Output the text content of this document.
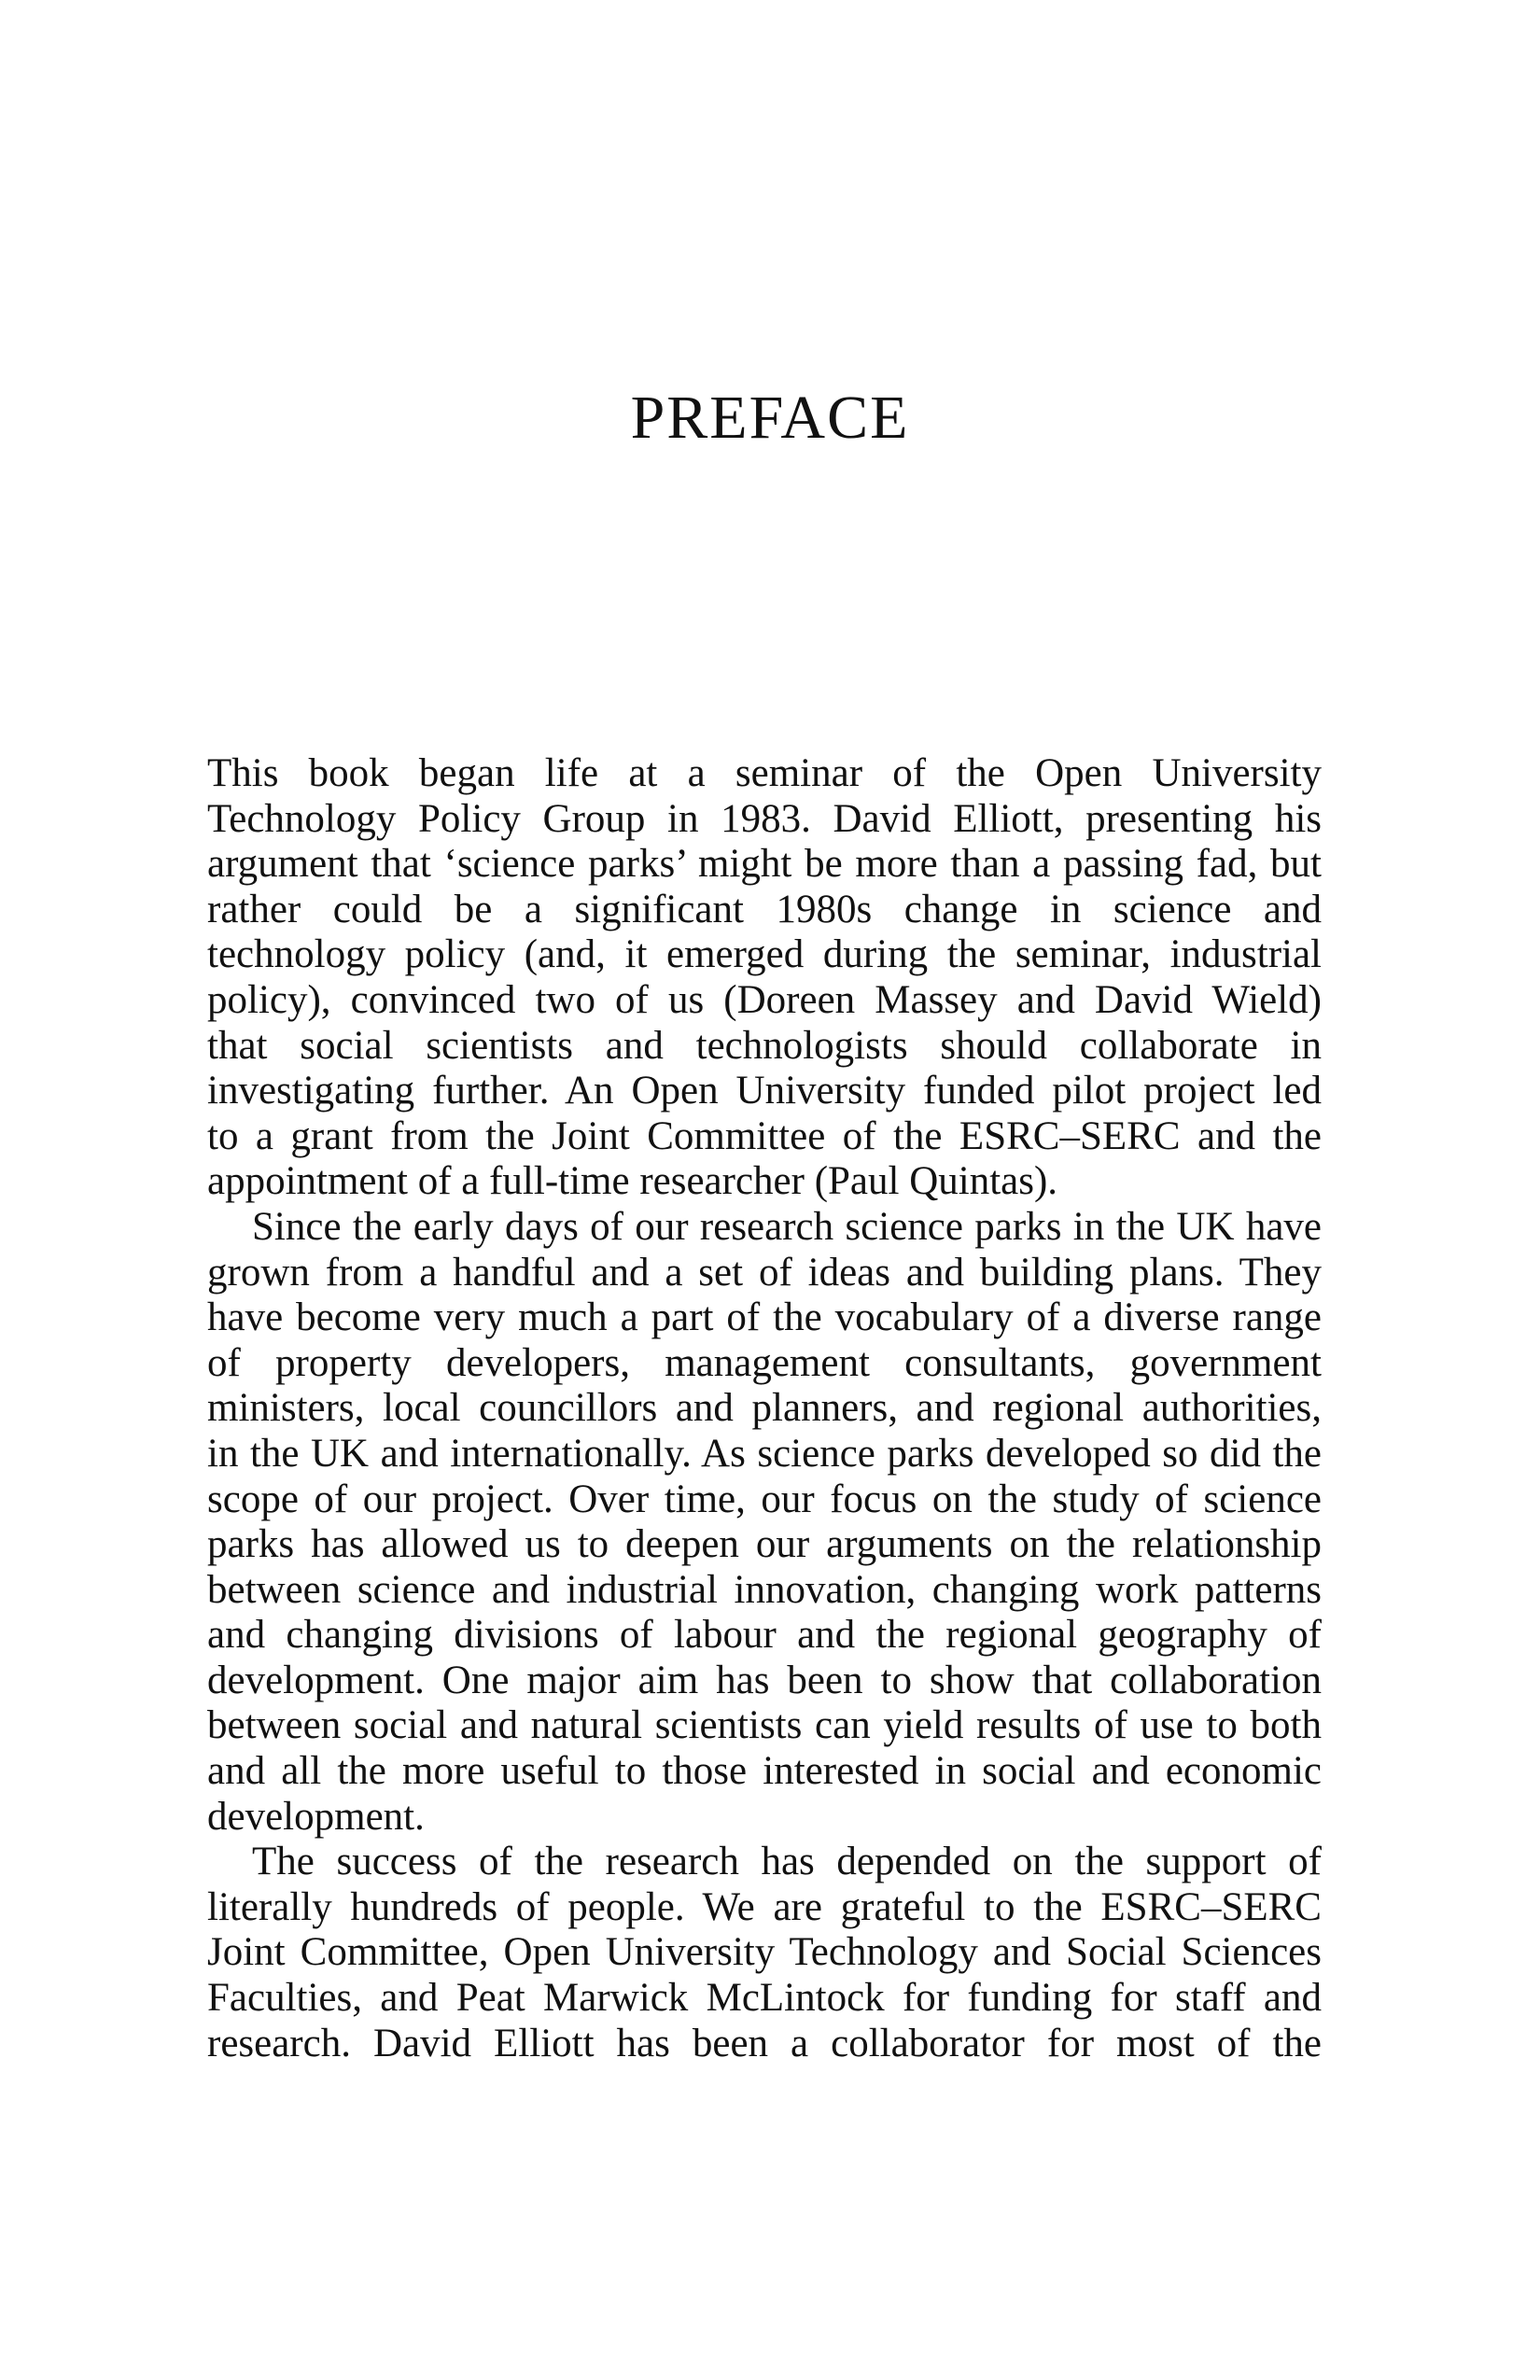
PREFACE
This book began life at a seminar of the Open University
Technology Policy Group in 1983. David Elliott, presenting his
argument that ‘science parks’ might be more than a passing fad, but
rather could be a significant 1980s change in science and
technology policy (and, it emerged during the seminar, industrial
policy), convinced two of us (Doreen Massey and David Wield)
that social scientists and technologists should collaborate in
investigating further. An Open University funded pilot project led
to a grant from the Joint Committee of the ESRC–SERC and the
appointment of a full-time researcher (Paul Quintas).
Since the early days of our research science parks in the UK have
grown from a handful and a set of ideas and building plans. They
have become very much a part of the vocabulary of a diverse range
of property developers, management consultants, government
ministers, local councillors and planners, and regional authorities,
in the UK and internationally. As science parks developed so did the
scope of our project. Over time, our focus on the study of science
parks has allowed us to deepen our arguments on the relationship
between science and industrial innovation, changing work patterns
and changing divisions of labour and the regional geography of
development. One major aim has been to show that collaboration
between social and natural scientists can yield results of use to both
and all the more useful to those interested in social and economic
development.
The success of the research has depended on the support of
literally hundreds of people. We are grateful to the ESRC–SERC
Joint Committee, Open University Technology and Social Sciences
Faculties, and Peat Marwick McLintock for funding for staff and
research. David Elliott has been a collaborator for most of the
